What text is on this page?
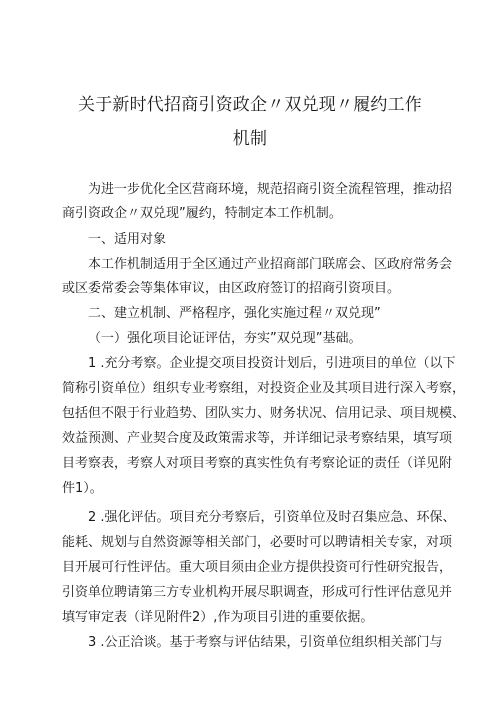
关于新时代招商引资政企〃双兑现〃履约工作
机制
为进一步优化全区营商环境，规范招商引资全流程管理，推动招
商引资政企〃双兑现”履约，特制定本工作机制。
一、适用对象
本工作机制适用于全区通过产业招商部门联席会、区政府常务会
或区委常委会等集体审议，由区政府签订的招商引资项目。
二、建立机制、严格程序，强化实施过程〃双兑现”
（一）强化项目论证评估，夯实”双兑现”基础。
1 .充分考察。企业提交项目投资计划后，引进项目的单位（以下
简称引资单位）组织专业考察组，对投资企业及其项目进行深入考察，
包括但不限于行业趋势、团队实力、财务状况、信用记录、项目规模、
效益预测、产业契合度及政策需求等，并详细记录考察结果，填写项
目考察表，考察人对项目考察的真实性负有考察论证的责任（详见附
件1）。
2 .强化评估。项目充分考察后，引资单位及时召集应急、环保、
能耗、规划与自然资源等相关部门，必要时可以聘请相关专家，对项
目开展可行性评估。重大项目须由企业方提供投资可行性研究报告，
引资单位聘请第三方专业机构开展尽职调查，形成可行性评估意见并
填写审定表（详见附件2）,作为项目引进的重要依据。
3 .公正洽谈。基于考察与评估结果，引资单位组织相关部门与
